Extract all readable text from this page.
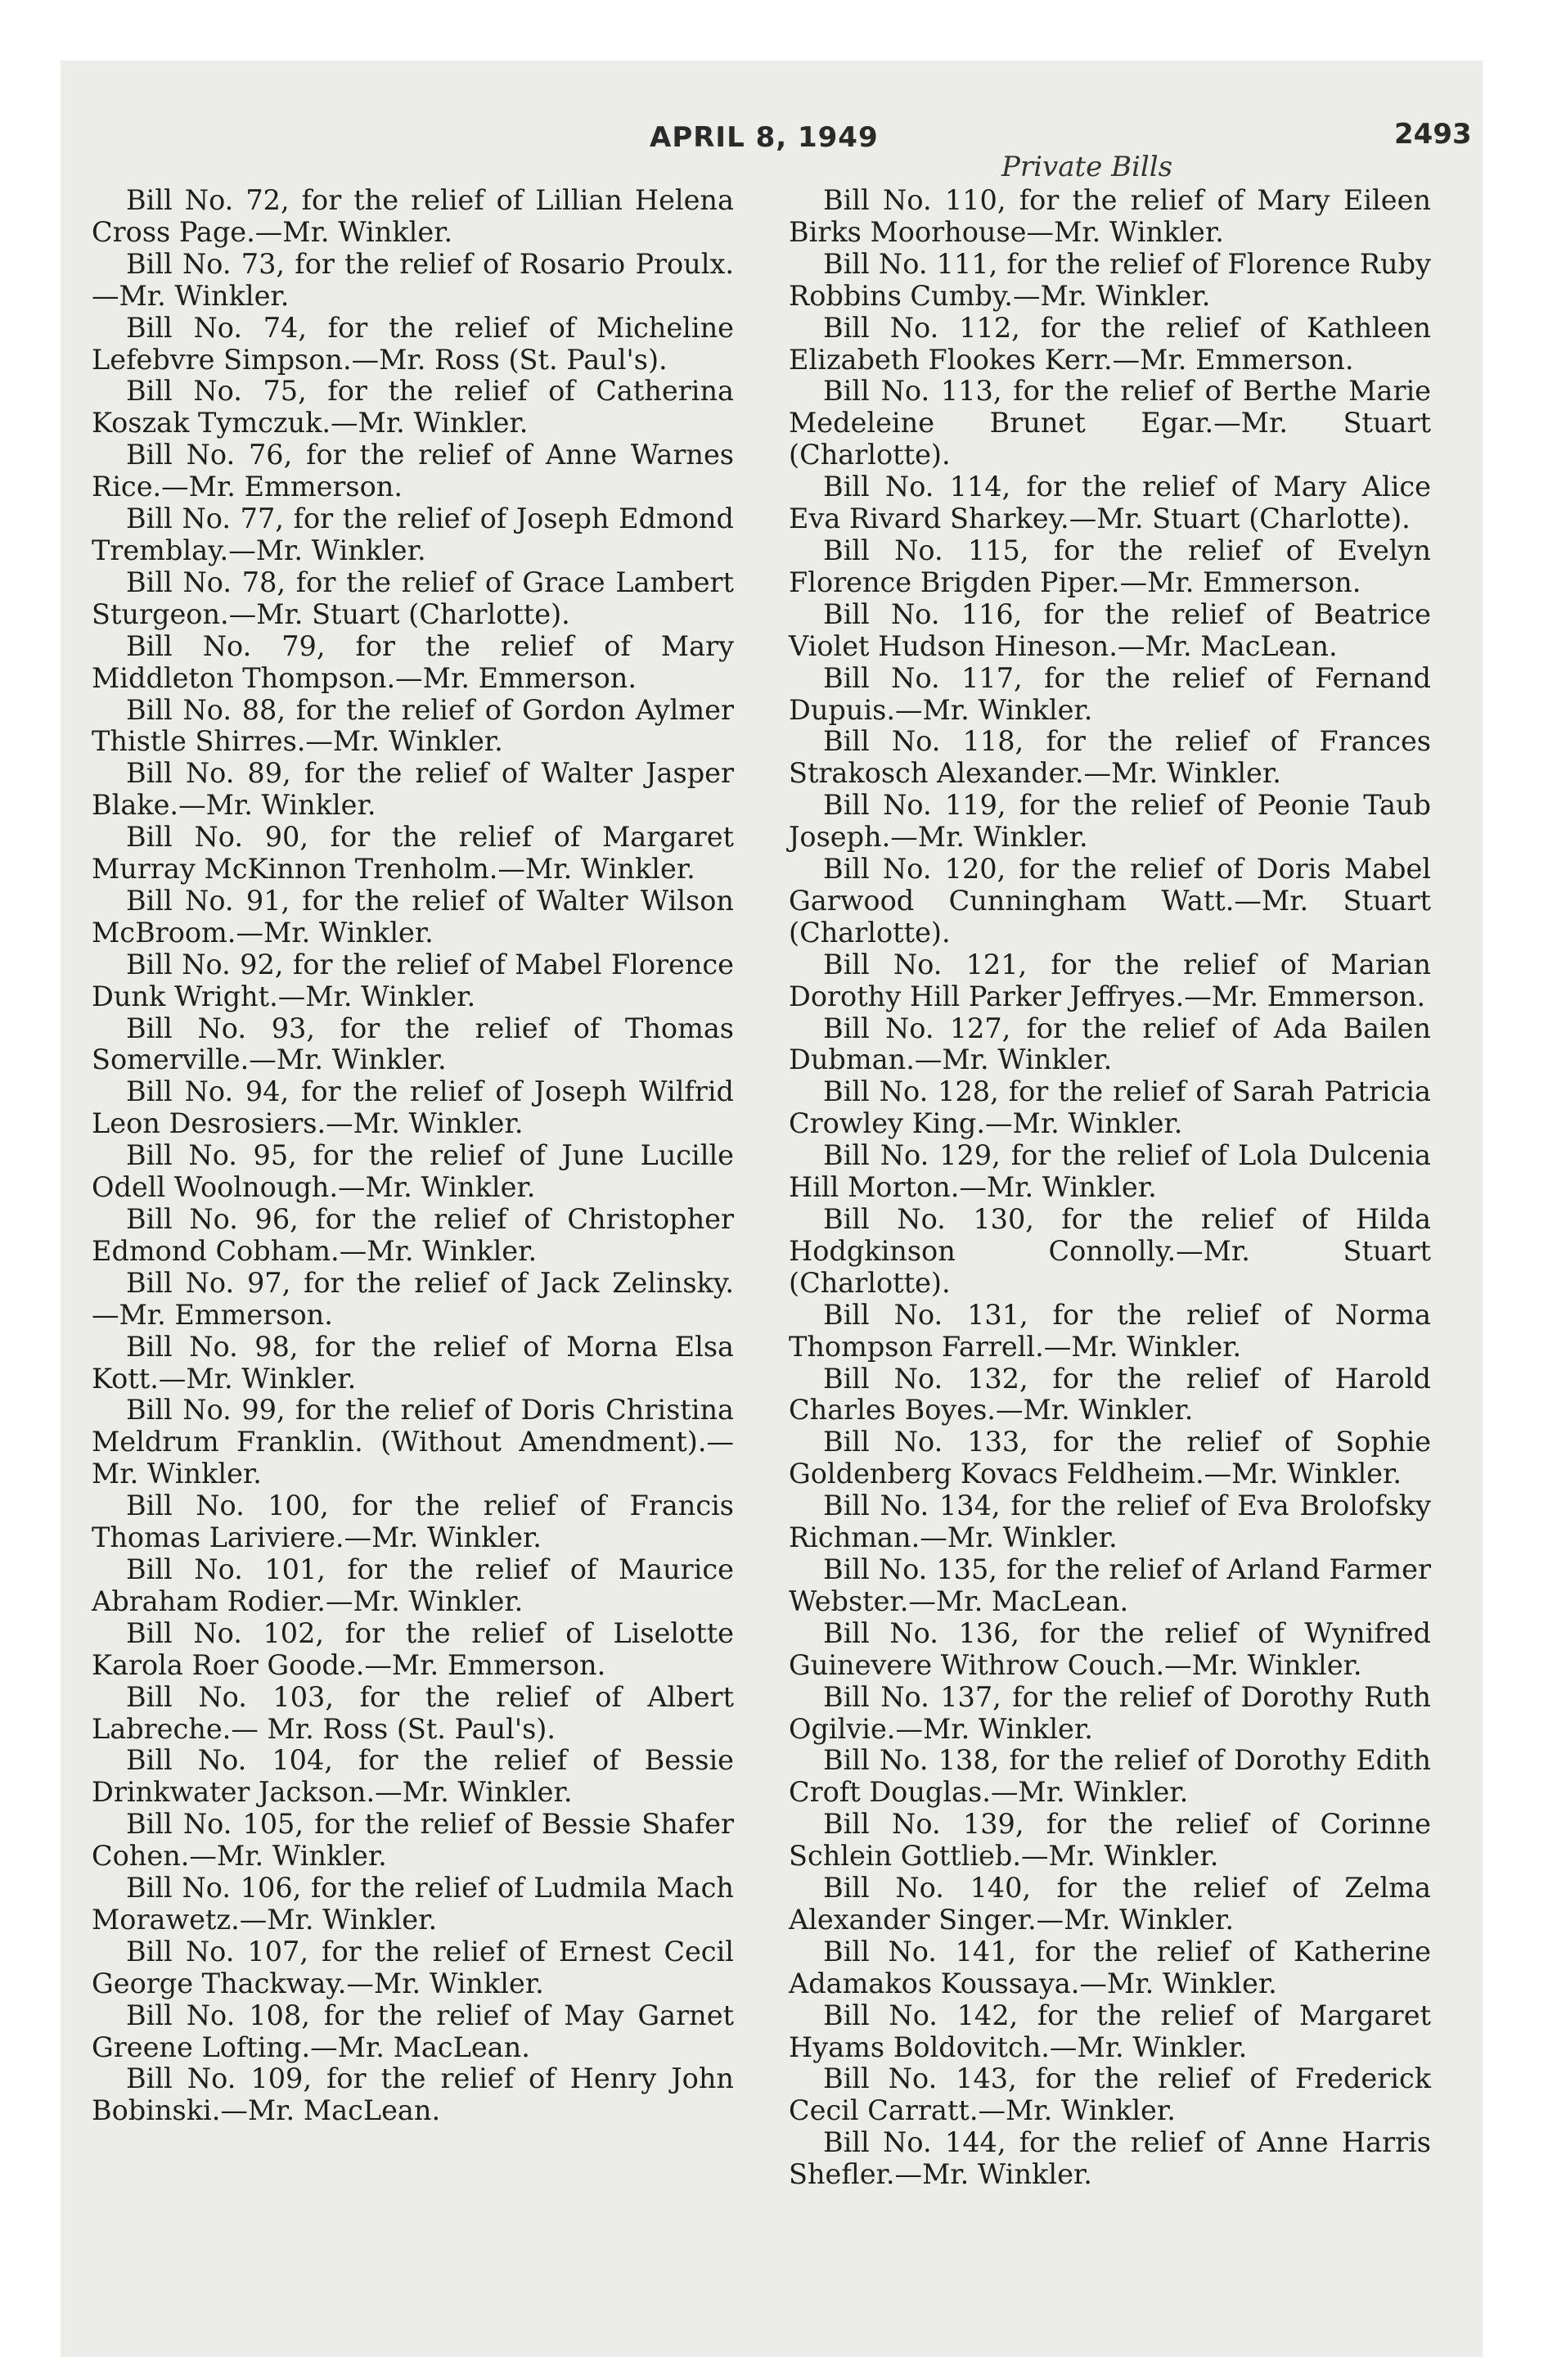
APRIL 8, 1949	2493
Private Bills

Bill No. 72, for the relief of Lillian Helena Cross Page.—Mr. Winkler.

Bill No. 73, for the relief of Rosario Proulx. —Mr. Winkler.

Bill No. 74, for the relief of Micheline Lefebvre Simpson.—Mr. Ross (St. Paul's).

Bill No. 75, for the relief of Catherina Koszak Tymczuk.—Mr. Winkler.

Bill No. 76, for the relief of Anne Warnes Rice.—Mr. Emmerson.

Bill No. 77, for the relief of Joseph Edmond Tremblay.—Mr. Winkler.

Bill No. 78, for the relief of Grace Lambert Sturgeon.—Mr. Stuart (Charlotte).

Bill No. 79, for the relief of Mary Middleton Thompson.—Mr. Emmerson.

Bill No. 88, for the relief of Gordon Aylmer Thistle Shirres.—Mr. Winkler.

Bill No. 89, for the relief of Walter Jasper Blake.—Mr. Winkler.

Bill No. 90, for the relief of Margaret Murray McKinnon Trenholm.—Mr. Winkler.

Bill No. 91, for the relief of Walter Wilson McBroom.—Mr. Winkler.

Bill No. 92, for the relief of Mabel Florence Dunk Wright.—Mr. Winkler.

Bill No. 93, for the relief of Thomas Somerville.—Mr. Winkler.

Bill No. 94, for the relief of Joseph Wilfrid Leon Desrosiers.—Mr. Winkler.

Bill No. 95, for the relief of June Lucille Odell Woolnough.—Mr. Winkler.

Bill No. 96, for the relief of Christopher Edmond Cobham.—Mr. Winkler.

Bill No. 97, for the relief of Jack Zelinsky. —Mr. Emmerson.

Bill No. 98, for the relief of Morna Elsa Kott.—Mr. Winkler.

Bill No. 99, for the relief of Doris Christina Meldrum Franklin. (Without Amendment).— Mr. Winkler.

Bill No. 100, for the relief of Francis Thomas Lariviere.—Mr. Winkler.

Bill No. 101, for the relief of Maurice Abraham Rodier.—Mr. Winkler.

Bill No. 102, for the relief of Liselotte Karola Roer Goode.—Mr. Emmerson.

Bill No. 103, for the relief of Albert Labreche.— Mr. Ross (St. Paul's).

Bill No. 104, for the relief of Bessie Drinkwater Jackson.—Mr. Winkler.

Bill No. 105, for the relief of Bessie Shafer Cohen.—Mr. Winkler.

Bill No. 106, for the relief of Ludmila Mach Morawetz.—Mr. Winkler.

Bill No. 107, for the relief of Ernest Cecil George Thackway.—Mr. Winkler.

Bill No. 108, for the relief of May Garnet Greene Lofting.—Mr. MacLean.

Bill No. 109, for the relief of Henry John Bobinski.—Mr. MacLean.

Bill No. 110, for the relief of Mary Eileen Birks Moorhouse—Mr. Winkler.

Bill No. 111, for the relief of Florence Ruby Robbins Cumby.—Mr. Winkler.

Bill No. 112, for the relief of Kathleen Elizabeth Flookes Kerr.—Mr. Emmerson.

Bill No. 113, for the relief of Berthe Marie Medeleine Brunet Egar.—Mr. Stuart (Charlotte).

Bill No. 114, for the relief of Mary Alice Eva Rivard Sharkey.—Mr. Stuart (Charlotte).

Bill No. 115, for the relief of Evelyn Florence Brigden Piper.—Mr. Emmerson.

Bill No. 116, for the relief of Beatrice Violet Hudson Hineson.—Mr. MacLean.

Bill No. 117, for the relief of Fernand Dupuis.—Mr. Winkler.

Bill No. 118, for the relief of Frances Strakosch Alexander.—Mr. Winkler.

Bill No. 119, for the relief of Peonie Taub Joseph.—Mr. Winkler.

Bill No. 120, for the relief of Doris Mabel Garwood Cunningham Watt.—Mr. Stuart (Charlotte).

Bill No. 121, for the relief of Marian Dorothy Hill Parker Jeffryes.—Mr. Emmerson.

Bill No. 127, for the relief of Ada Bailen Dubman.—Mr. Winkler.

Bill No. 128, for the relief of Sarah Patricia Crowley King.—Mr. Winkler.

Bill No. 129, for the relief of Lola Dulcenia Hill Morton.—Mr. Winkler.

Bill No. 130, for the relief of Hilda Hodgkinson Connolly.—Mr. Stuart (Charlotte).

Bill No. 131, for the relief of Norma Thompson Farrell.—Mr. Winkler.

Bill No. 132, for the relief of Harold Charles Boyes.—Mr. Winkler.

Bill No. 133, for the relief of Sophie Goldenberg Kovacs Feldheim.—Mr. Winkler.

Bill No. 134, for the relief of Eva Brolofsky Richman.—Mr. Winkler.

Bill No. 135, for the relief of Arland Farmer Webster.—Mr. MacLean.

Bill No. 136, for the relief of Wynifred Guinevere Withrow Couch.—Mr. Winkler.

Bill No. 137, for the relief of Dorothy Ruth Ogilvie.—Mr. Winkler.

Bill No. 138, for the relief of Dorothy Edith Croft Douglas.—Mr. Winkler.

Bill No. 139, for the relief of Corinne Schlein Gottlieb.—Mr. Winkler.

Bill No. 140, for the relief of Zelma Alexander Singer.—Mr. Winkler.

Bill No. 141, for the relief of Katherine Adamakos Koussaya.—Mr. Winkler.

Bill No. 142, for the relief of Margaret Hyams Boldovitch.—Mr. Winkler.

Bill No. 143, for the relief of Frederick Cecil Carratt.—Mr. Winkler.

Bill No. 144, for the relief of Anne Harris Shefler.—Mr. Winkler.
